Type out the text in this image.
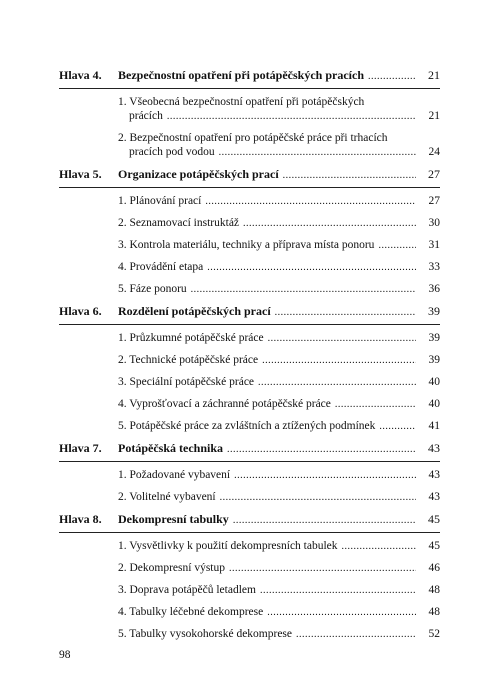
Hlava 4.	Bezpečnostní opatření při potápěčských pracích .....	21
1. Všeobecná bezpečnostní opatření při potápěčských
prácích .....	21
2. Bezpečnostní opatření pro potápěčské práce při trhacích
pracích pod vodou .....	24
Hlava 5.	Organizace potápěčských prací .....	27
1. Plánování prací .....	27
2. Seznamovací instruktáž .....	30
3. Kontrola materiálu, techniky a příprava místa ponoru .....	31
4. Provádění etapa .....	33
5. Fáze ponoru .....	36
Hlava 6.	Rozdělení potápěčských prací .....	39
1. Průzkumné potápěčské práce .....	39
2. Technické potápěčské práce .....	39
3. Speciální potápěčské práce .....	40
4. Vyprošťovací a záchranné potápěčské práce .....	40
5. Potápěčské práce za zvláštních a ztížených podmínek .....	41
Hlava 7.	Potápěčská technika .....	43
1. Požadované vybavení .....	43
2. Volitelné vybavení .....	43
Hlava 8.	Dekompresní tabulky .....	45
1. Vysvětlivky k použití dekompresních tabulek .....	45
2. Dekompresní výstup .....	46
3. Doprava potápěčů letadlem .....	48
4. Tabulky léčebné dekomprese .....	48
5. Tabulky vysokohorské dekomprese .....	52
98
